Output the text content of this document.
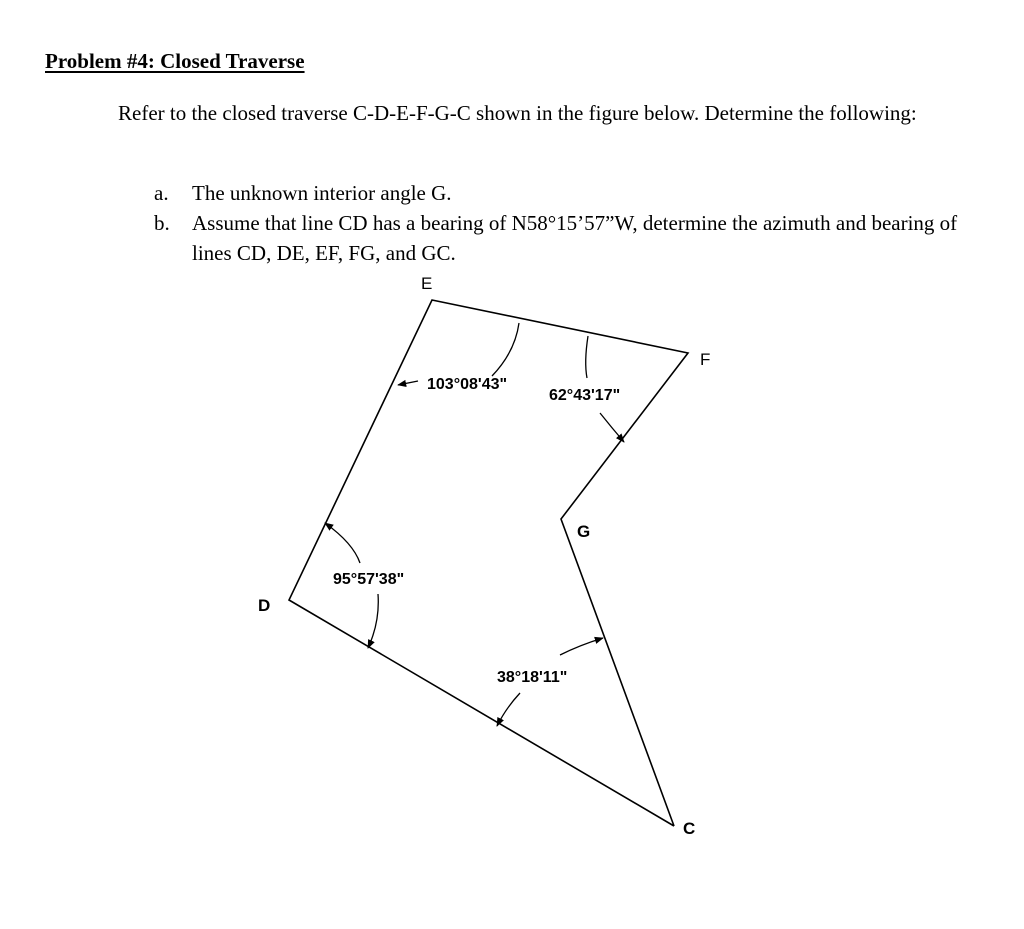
Problem #4: Closed Traverse
Refer to the closed traverse C-D-E-F-G-C shown in the figure below. Determine the following:
a.	The unknown interior angle G.
b.	Assume that line CD has a bearing of N58°15’57”W, determine the azimuth and bearing of lines CD, DE, EF, FG, and GC.
E
F
G
D
C
103°08'43"
62°43'17"
95°57'38"
38°18'11"
